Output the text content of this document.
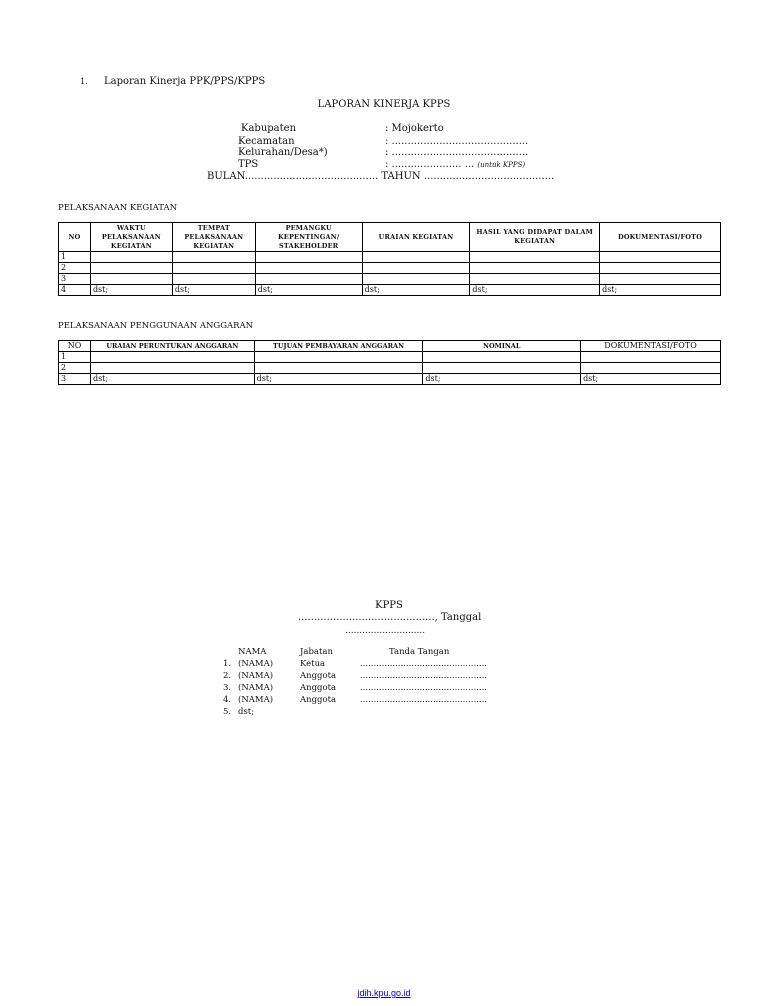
1. Laporan Kinerja PPK/PPS/KPPS
LAPORAN KINERJA KPPS
Kabupaten	: Mojokerto
Kecamatan	: ...........................................
Kelurahan/Desa*)	: ...........................................
TPS	: ...................... ... (untuk KPPS)
BULAN.......................................... TAHUN .........................................
PELAKSANAAN KEGIATAN
NO	WAKTU PELAKSANAAN KEGIATAN	TEMPAT PELAKSANAAN KEGIATAN	PEMANGKU KEPENTINGAN/ STAKEHOLDER	URAIAN KEGIATAN	HASIL YANG DIDAPAT DALAM KEGIATAN	DOKUMENTASI/FOTO
1						
2						
3						
4	dst;	dst;	dst;	dst;	dst;	dst;
PELAKSANAAN PENGGUNAAN ANGGARAN
NO	URAIAN PERUNTUKAN ANGGARAN	TUJUAN PEMBAYARAN ANGGARAN	NOMINAL	DOKUMENTASI/FOTO
1				
2				
3	dst;	dst;	dst;	dst;
KPPS
..........................................., Tanggal
............................
NAMA	Jabatan	Tanda Tangan
1. (NAMA)	Ketua	...............................................
2. (NAMA)	Anggota	...............................................
3. (NAMA)	Anggota	...............................................
4. (NAMA)	Anggota	...............................................
5. dst;
jdih.kpu.go.id
